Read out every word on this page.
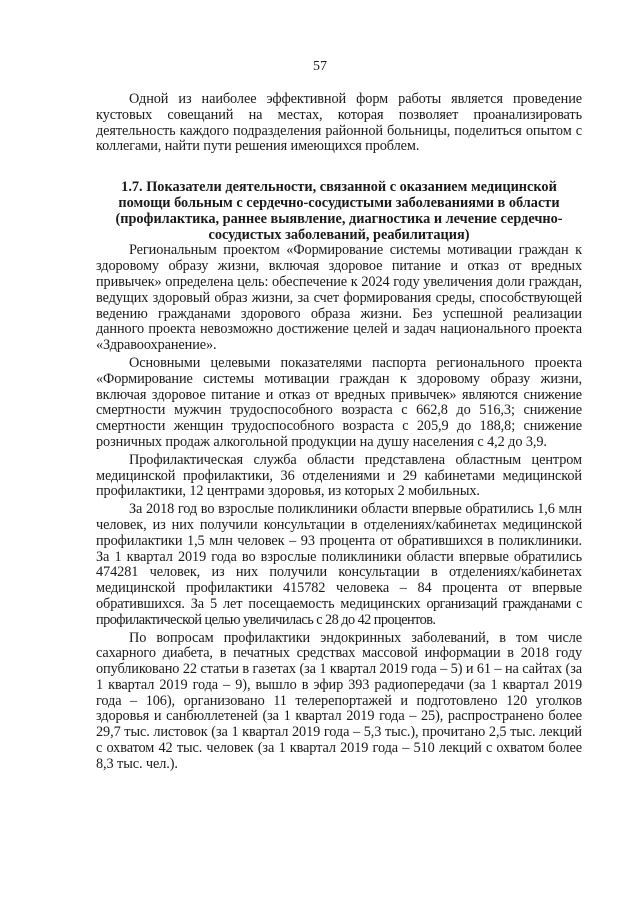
57

Одной из наиболее эффективной форм работы является проведение кустовых совещаний на местах, которая позволяет проанализировать деятельность каждого подразделения районной больницы, поделиться опытом с коллегами, найти пути решения имеющихся проблем.

1.7. Показатели деятельности, связанной с оказанием медицинской помощи больным с сердечно-сосудистыми заболеваниями в области (профилактика, раннее выявление, диагностика и лечение сердечно-сосудистых заболеваний, реабилитация)

Региональным проектом «Формирование системы мотивации граждан к здоровому образу жизни, включая здоровое питание и отказ от вредных привычек» определена цель: обеспечение к 2024 году увеличения доли граждан, ведущих здоровый образ жизни, за счет формирования среды, способствующей ведению гражданами здорового образа жизни. Без успешной реализации данного проекта невозможно достижение целей и задач национального проекта «Здравоохранение».

Основными целевыми показателями паспорта регионального проекта «Формирование системы мотивации граждан к здоровому образу жизни, включая здоровое питание и отказ от вредных привычек» являются снижение смертности мужчин трудоспособного возраста с 662,8 до 516,3; снижение смертности женщин трудоспособного возраста с 205,9 до 188,8; снижение розничных продаж алкогольной продукции на душу населения с 4,2 до 3,9.

Профилактическая служба области представлена областным центром медицинской профилактики, 36 отделениями и 29 кабинетами медицинской профилактики, 12 центрами здоровья, из которых 2 мобильных.

За 2018 год во взрослые поликлиники области впервые обратились 1,6 млн человек, из них получили консультации в отделениях/кабинетах медицинской профилактики 1,5 млн человек – 93 процента от обратившихся в поликлиники. За 1 квартал 2019 года во взрослые поликлиники области впервые обратились 474281 человек, из них получили консультации в отделениях/кабинетах медицинской профилактики 415782 человека – 84 процента от впервые обратившихся. За 5 лет посещаемость медицинских организаций гражданами с профилактической целью увеличилась с 28 до 42 процентов.

По вопросам профилактики эндокринных заболеваний, в том числе сахарного диабета, в печатных средствах массовой информации в 2018 году опубликовано 22 статьи в газетах (за 1 квартал 2019 года – 5) и 61 – на сайтах (за 1 квартал 2019 года – 9), вышло в эфир 393 радиопередачи (за 1 квартал 2019 года – 106), организовано 11 телерепортажей и подготовлено 120 уголков здоровья и санбюллетеней (за 1 квартал 2019 года – 25), распространено более 29,7 тыс. листовок (за 1 квартал 2019 года – 5,3 тыс.), прочитано 2,5 тыс. лекций с охватом 42 тыс. человек (за 1 квартал 2019 года – 510 лекций с охватом более 8,3 тыс. чел.).
